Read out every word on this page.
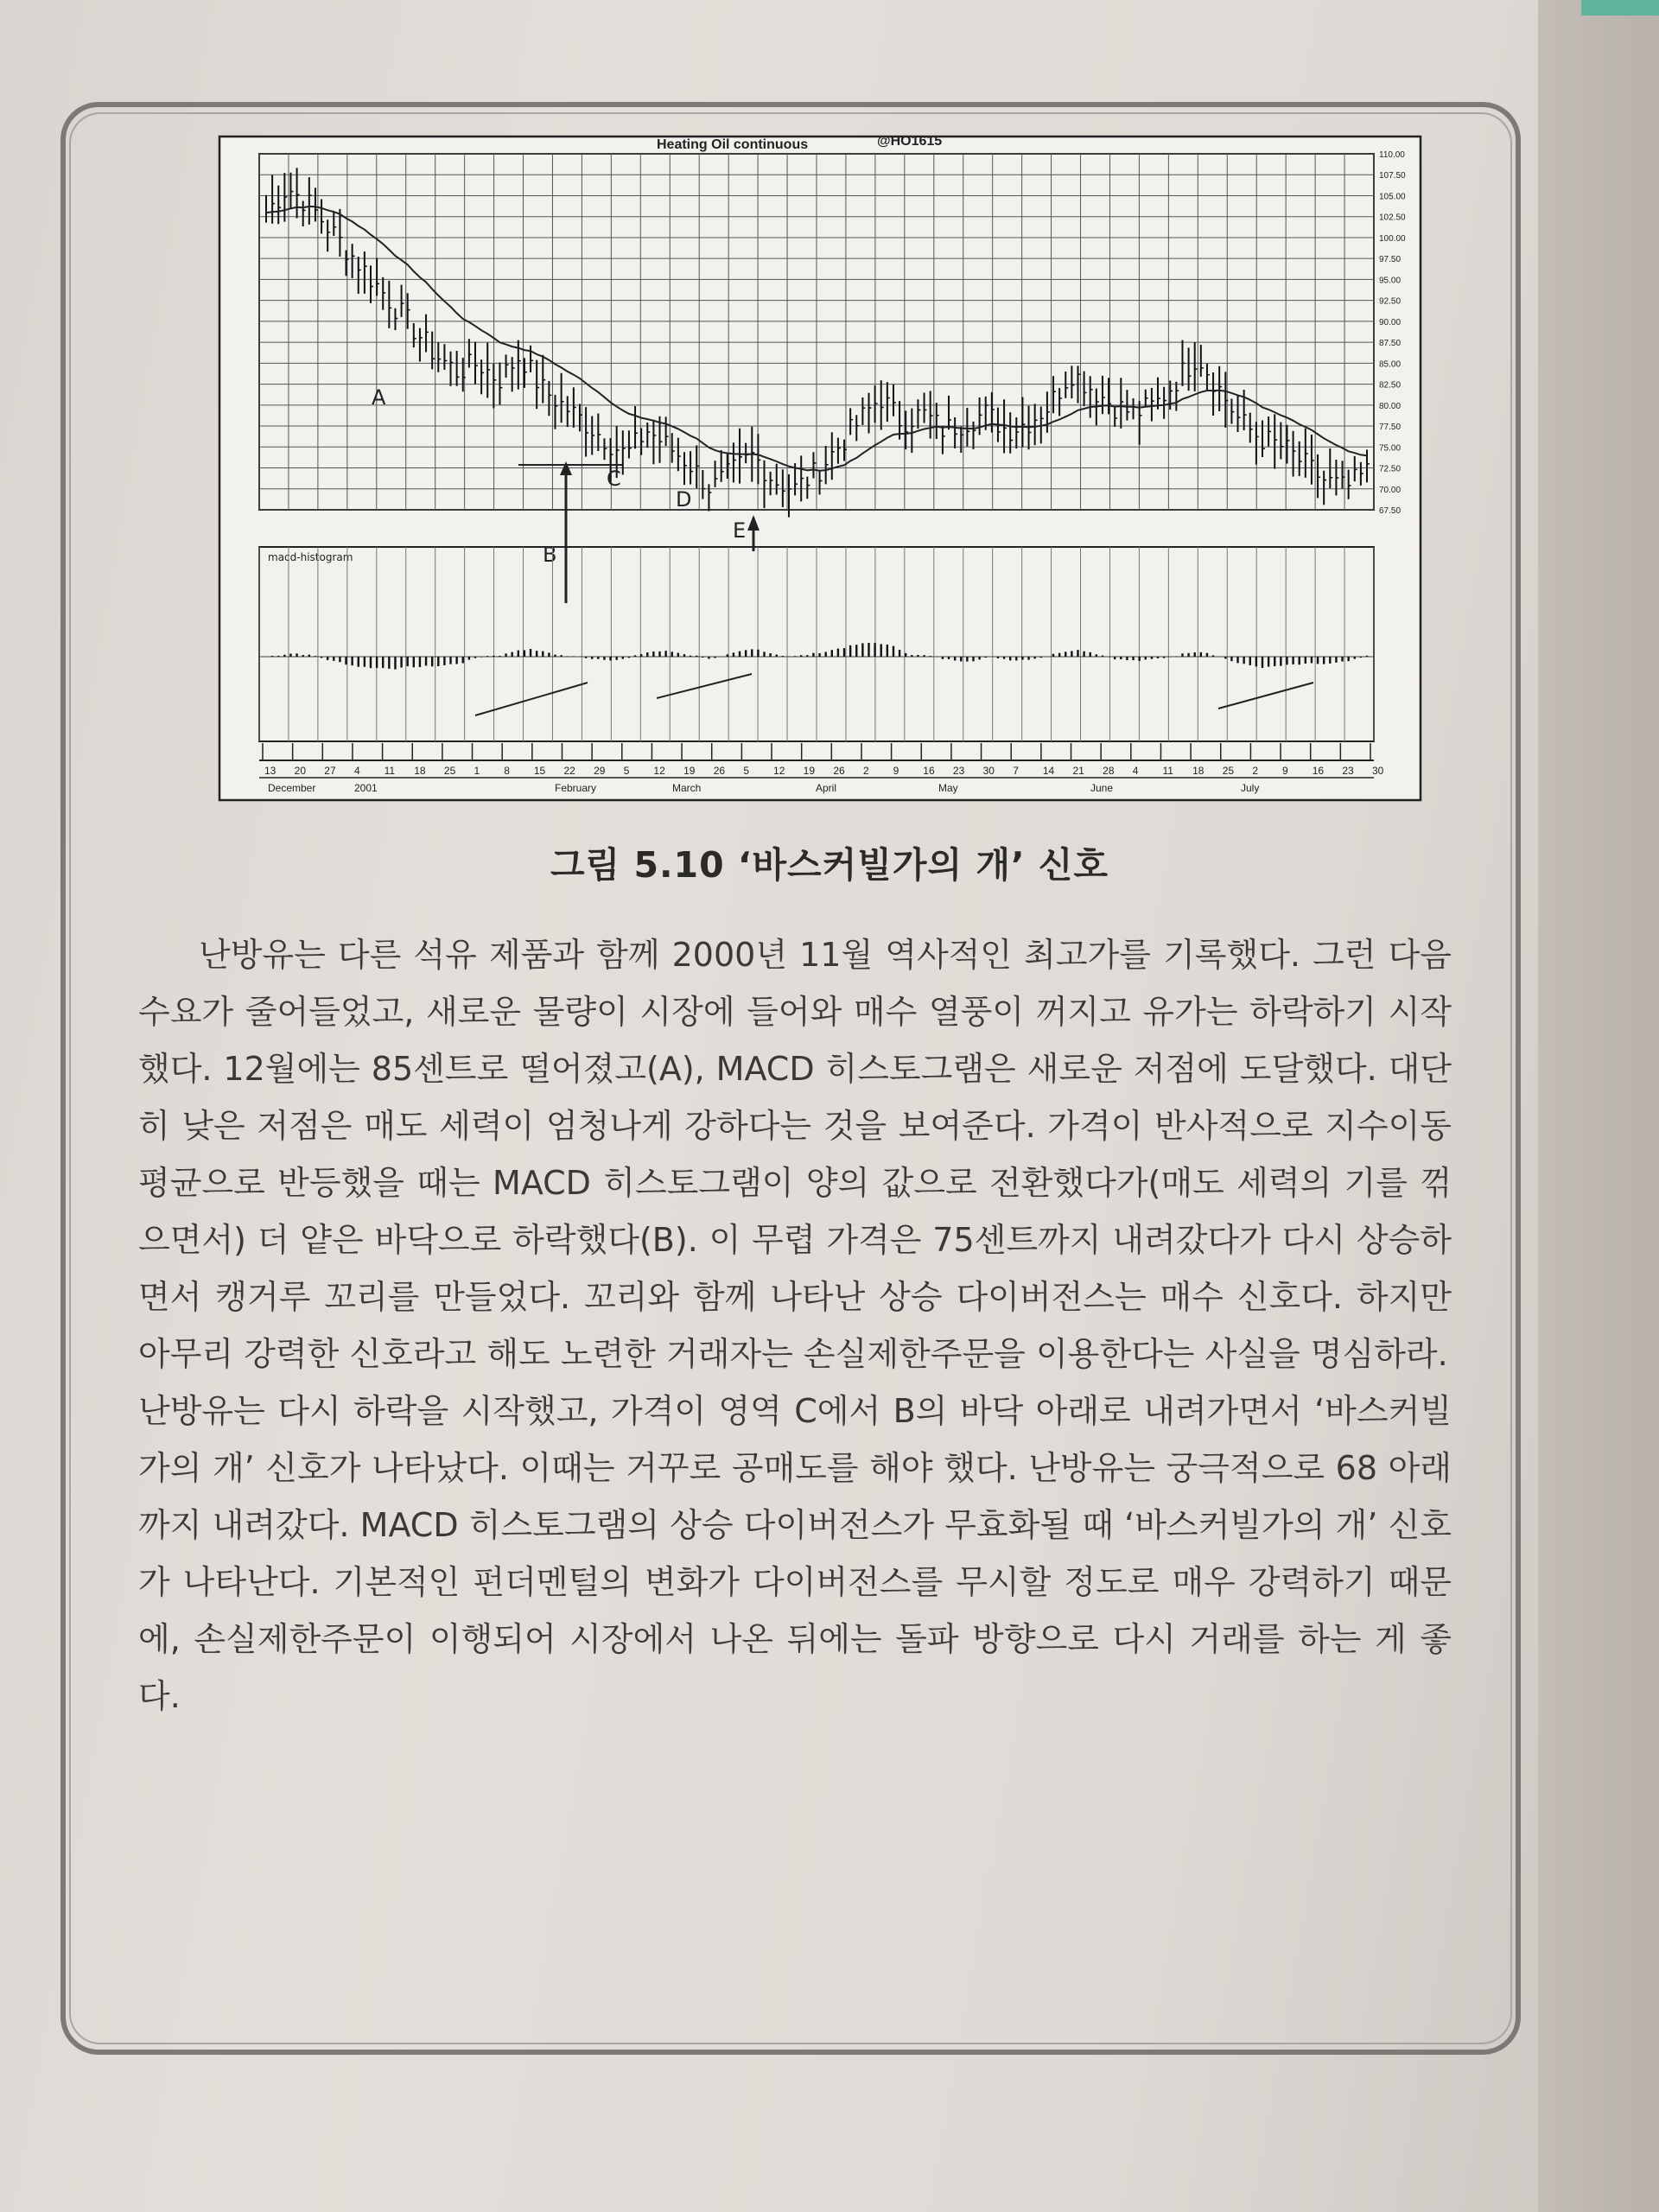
Heating Oil continuous	@HO1615
110.00
107.50
105.00
102.50
100.00
97.50
95.00
92.50
90.00
87.50
85.00
82.50
80.00
77.50
75.00
72.50
70.00
67.50
A
B
C
D
E
macd-histogram
13 20 27 4 11 18 25 1 8 15 22 29 5 12 19 26 5 12 19 26 2 9 16 23 30 7 14 21 28 4 11 18 25 2 9 16 23 30
December	2001	February	March	April	May	June	July
그림 5.10 ‘바스커빌가의 개’ 신호

난방유는 다른 석유 제품과 함께 2000년 11월 역사적인 최고가를 기록했다. 그런 다음 수요가 줄어들었고, 새로운 물량이 시장에 들어와 매수 열풍이 꺼지고 유가는 하락하기 시작했다. 12월에는 85센트로 떨어졌고(A), MACD 히스토그램은 새로운 저점에 도달했다. 대단히 낮은 저점은 매도 세력이 엄청나게 강하다는 것을 보여준다. 가격이 반사적으로 지수이동평균으로 반등했을 때는 MACD 히스토그램이 양의 값으로 전환했다가(매도 세력의 기를 꺾으면서) 더 얕은 바닥으로 하락했다(B). 이 무렵 가격은 75센트까지 내려갔다가 다시 상승하면서 캥거루 꼬리를 만들었다. 꼬리와 함께 나타난 상승 다이버전스는 매수 신호다. 하지만 아무리 강력한 신호라고 해도 노련한 거래자는 손실제한주문을 이용한다는 사실을 명심하라.

난방유는 다시 하락을 시작했고, 가격이 영역 C에서 B의 바닥 아래로 내려가면서 ‘바스커빌가의 개’ 신호가 나타났다. 이때는 거꾸로 공매도를 해야 했다. 난방유는 궁극적으로 68 아래까지 내려갔다. MACD 히스토그램의 상승 다이버전스가 무효화될 때 ‘바스커빌가의 개’ 신호가 나타난다. 기본적인 펀더멘털의 변화가 다이버전스를 무시할 정도로 매우 강력하기 때문에, 손실제한주문이 이행되어 시장에서 나온 뒤에는 돌파 방향으로 다시 거래를 하는 게 좋다.
